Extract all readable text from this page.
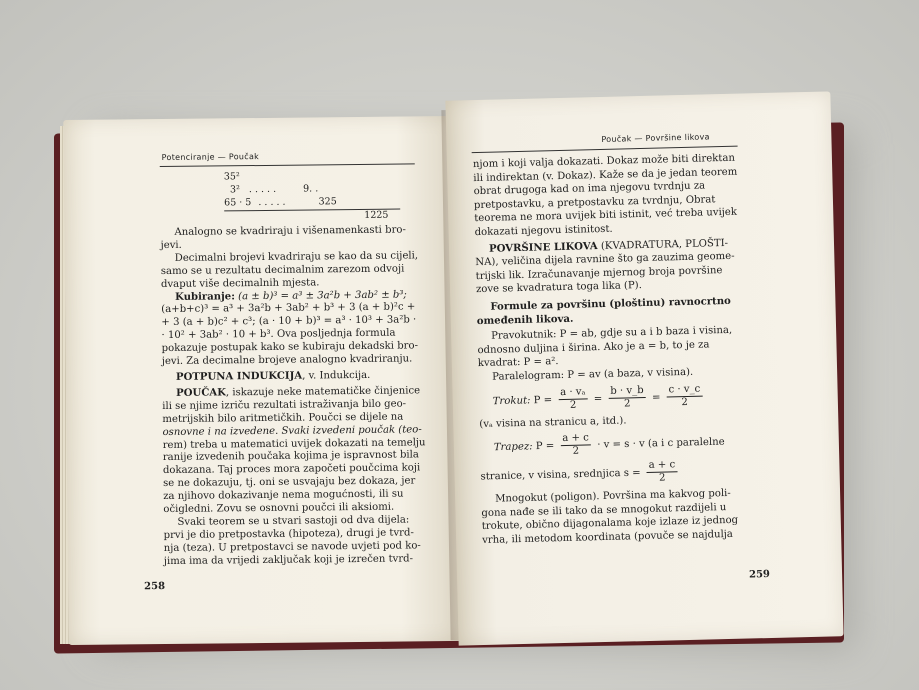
Potenciranje — Poučak
35²
3² . . . . .	9. .
65 · 5 . . . . .	325
1225
Analogno se kvadriraju i višenamenkasti bro-
jevi.
Decimalni brojevi kvadriraju se kao da su cijeli,
samo se u rezultatu decimalnim zarezom odvoji
dvaput više decimalnih mjesta.
Kubiranje: (a ± b)³ = a³ ± 3a²b + 3ab² ± b³;
(a+b+c)³ = a³ + 3a²b + 3ab² + b³ + 3 (a + b)²c +
+ 3 (a + b)c² + c³; (a · 10 + b)³ = a³ · 10³ + 3a²b ·
· 10² + 3ab² · 10 + b³. Ova posljednja formula
pokazuje postupak kako se kubiraju dekadski bro-
jevi. Za decimalne brojeve analogno kvadriranju.
POTPUNA INDUKCIJA, v. Indukcija.
POUČAK, iskazuje neke matematičke činjenice
ili se njime izriču rezultati istraživanja bilo geo-
metrijskih bilo aritmetičkih. Poučci se dijele na
osnovne i na izvedene. Svaki izvedeni poučak (teo-
rem) treba u matematici uvijek dokazati na temelju
ranije izvedenih poučaka kojima je ispravnost bila
dokazana. Taj proces mora započeti poučcima koji
se ne dokazuju, tj. oni se usvajaju bez dokaza, jer
za njihovo dokazivanje nema mogućnosti, ili su
očigledni. Zovu se osnovni poučci ili aksiomi.
Svaki teorem se u stvari sastoji od dva dijela:
prvi je dio pretpostavka (hipoteza), drugi je tvrd-
nja (teza). U pretpostavci se navode uvjeti pod ko-
jima ima da vrijedi zaključak koji je izrečen tvrd-
258
Poučak — Površine likova
njom i koji valja dokazati. Dokaz može biti direktan
ili indirektan (v. Dokaz). Kaže se da je jedan teorem
obrat drugoga kad on ima njegovu tvrdnju za
pretpostavku, a pretpostavku za tvrdnju, Obrat
teorema ne mora uvijek biti istinit, već treba uvijek
dokazati njegovu istinitost.
POVRŠINE LIKOVA (KVADRATURA, PLOŠTI-
NA), veličina dijela ravnine što ga zauzima geome-
trijski lik. Izračunavanje mjernog broja površine
zove se kvadratura toga lika (P).
Formule za površinu (ploštinu) ravnocrtno
omeđenih likova.
Pravokutnik: P = ab, gdje su a i b baza i visina,
odnosno duljina i širina. Ako je a = b, to je za
kvadrat: P = a².
Paralelogram: P = av (a baza, v visina).
Trokut: $P = \frac{\text{a · vₐ}}{2} = \frac{b \cdot v\_b}{2} = \frac{c \cdot v\_c}{2}$
(vₐ visina na stranicu a, itd.).
Trapez: $P = \frac{a + c}{2} \cdot v = s \cdot v$ (a i c paralelne
stranice, v visina, srednjica $s = \frac{a + c}{2}$
Mnogokut (poligon). Površina ma kakvog poli-
gona nađe se ili tako da se mnogokut razdijeli u
trokute, obično dijagonalama koje izlaze iz jednog
vrha, ili metodom koordinata (povuče se najdulja
259
